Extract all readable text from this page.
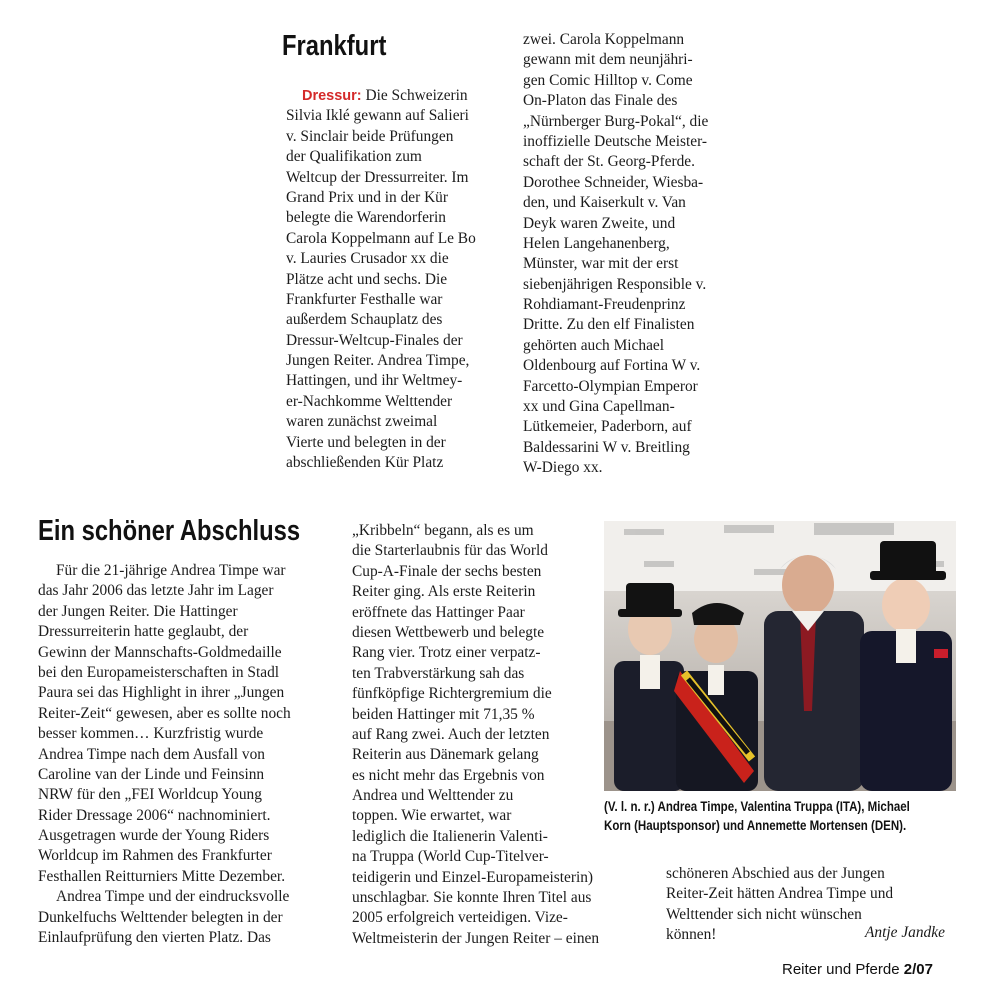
Frankfurt
Dressur: Die Schweizerin
Silvia Iklé gewann auf Salieri
v. Sinclair beide Prüfungen
der Qualifikation zum
Weltcup der Dressurreiter. Im
Grand Prix und in der Kür
belegte die Warendorferin
Carola Koppelmann auf Le Bo
v. Lauries Crusador xx die
Plätze acht und sechs. Die
Frankfurter Festhalle war
außerdem Schauplatz des
Dressur-Weltcup-Finales der
Jungen Reiter. Andrea Timpe,
Hattingen, und ihr Weltmey-
er-Nachkomme Welttender
waren zunächst zweimal
Vierte und belegten in der
abschließenden Kür Platz
zwei. Carola Koppelmann
gewann mit dem neunjähri-
gen Comic Hilltop v. Come
On-Platon das Finale des
„Nürnberger Burg-Pokal“, die
inoffizielle Deutsche Meister-
schaft der St. Georg-Pferde.
Dorothee Schneider, Wiesba-
den, und Kaiserkult v. Van
Deyk waren Zweite, und
Helen Langehanenberg,
Münster, war mit der erst
siebenjährigen Responsible v.
Rohdiamant-Freudenprinz
Dritte. Zu den elf Finalisten
gehörten auch Michael
Oldenbourg auf Fortina W v.
Farcetto-Olympian Emperor
xx und Gina Capellman-
Lütkemeier, Paderborn, auf
Baldessarini W v. Breitling
W-Diego xx.
Ein schöner Abschluss
Für die 21-jährige Andrea Timpe war
das Jahr 2006 das letzte Jahr im Lager
der Jungen Reiter. Die Hattinger
Dressurreiterin hatte geglaubt, der
Gewinn der Mannschafts-Goldmedaille
bei den Europameisterschaften in Stadl
Paura sei das Highlight in ihrer „Jungen
Reiter-Zeit“ gewesen, aber es sollte noch
besser kommen… Kurzfristig wurde
Andrea Timpe nach dem Ausfall von
Caroline van der Linde und Feinsinn
NRW für den „FEI Worldcup Young
Rider Dressage 2006“ nachnominiert.
Ausgetragen wurde der Young Riders
Worldcup im Rahmen des Frankfurter
Festhallen Reitturniers Mitte Dezember.
Andrea Timpe und der eindrucksvolle
Dunkelfuchs Welttender belegten in der
Einlaufprüfung den vierten Platz. Das
„Kribbeln“ begann, als es um
die Starterlaubnis für das World
Cup-A-Finale der sechs besten
Reiter ging. Als erste Reiterin
eröffnete das Hattinger Paar
diesen Wettbewerb und belegte
Rang vier. Trotz einer verpatz-
ten Trabverstärkung sah das
fünfköpfige Richtergremium die
beiden Hattinger mit 71,35 %
auf Rang zwei. Auch der letzten
Reiterin aus Dänemark gelang
es nicht mehr das Ergebnis von
Andrea und Welttender zu
toppen. Wie erwartet, war
lediglich die Italienerin Valenti-
na Truppa (World Cup-Titelver-
teidigerin und Einzel-Europameisterin)
unschlagbar. Sie konnte Ihren Titel aus
2005 erfolgreich verteidigen. Vize-
Weltmeisterin der Jungen Reiter – einen
schöneren Abschied aus der Jungen
Reiter-Zeit hätten Andrea Timpe und
Welttender sich nicht wünschen
können!	Antje Jandke
(V. l. n. r.) Andrea Timpe, Valentina Truppa (ITA), Michael
Korn (Hauptsponsor) und Annemette Mortensen (DEN).
Reiter und Pferde 2/07
